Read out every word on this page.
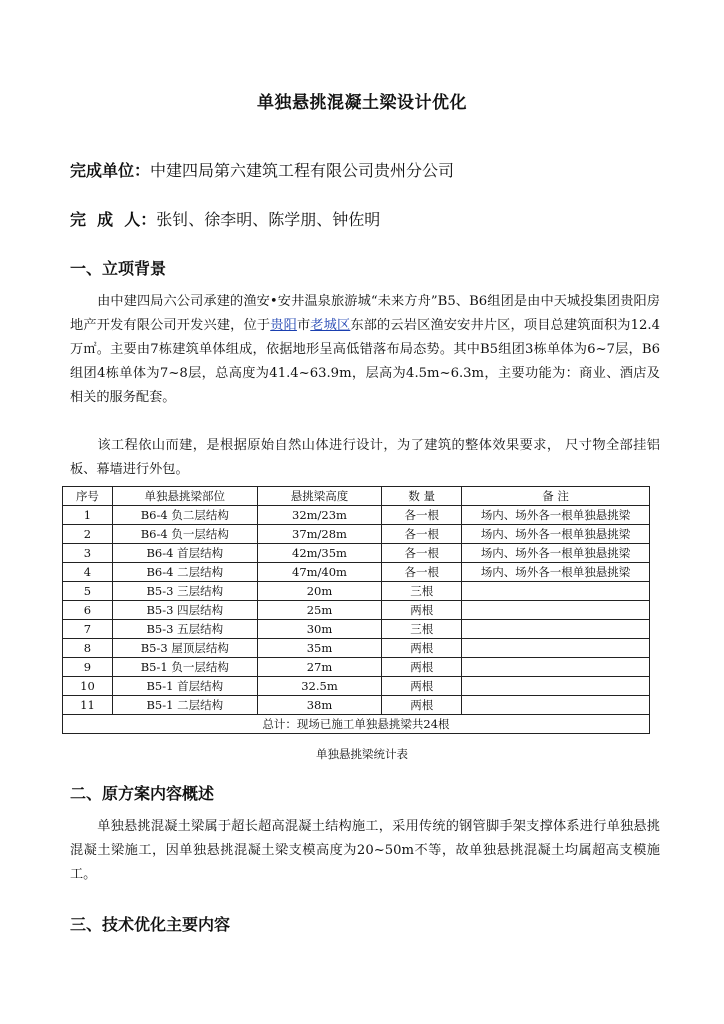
单独悬挑混凝土梁设计优化
完成单位：中建四局第六建筑工程有限公司贵州分公司
完  成  人：张钊、徐李明、陈学朋、钟佐明
一、立项背景

由中建四局六公司承建的渔安•安井温泉旅游城“未来方舟”B5、B6组团是由中天城投集团贵阳房地产开发有限公司开发兴建，位于贵阳市老城区东部的云岩区渔安安井片区，项目总建筑面积为12.4万㎡。主要由7栋建筑单体组成，依据地形呈高低错落布局态势。其中B5组团3栋单体为6~7层，B6组团4栋单体为7~8层，总高度为41.4~63.9m，层高为4.5m~6.3m，主要功能为：商业、酒店及相关的服务配套。

该工程依山而建，是根据原始自然山体进行设计，为了建筑的整体效果要求， 尺寸物全部挂铝板、幕墙进行外包。

序号	单独悬挑梁部位	悬挑梁高度	数 量	备 注
1	B6-4 负二层结构	32m/23m	各一根	场内、场外各一根单独悬挑梁
2	B6-4 负一层结构	37m/28m	各一根	场内、场外各一根单独悬挑梁
3	B6-4 首层结构	42m/35m	各一根	场内、场外各一根单独悬挑梁
4	B6-4 二层结构	47m/40m	各一根	场内、场外各一根单独悬挑梁
5	B5-3 三层结构	20m	三根	
6	B5-3 四层结构	25m	两根	
7	B5-3 五层结构	30m	三根	
8	B5-3 屋顶层结构	35m	两根	
9	B5-1 负一层结构	27m	两根	
10	B5-1 首层结构	32.5m	两根	
11	B5-1 二层结构	38m	两根	
总计：现场已施工单独悬挑梁共24根				
单独悬挑梁统计表
二、原方案内容概述

单独悬挑混凝土梁属于超长超高混凝土结构施工，采用传统的钢管脚手架支撑体系进行单独悬挑混凝土梁施工，因单独悬挑混凝土梁支模高度为20~50m不等，故单独悬挑混凝土均属超高支模施工。

三、技术优化主要内容
